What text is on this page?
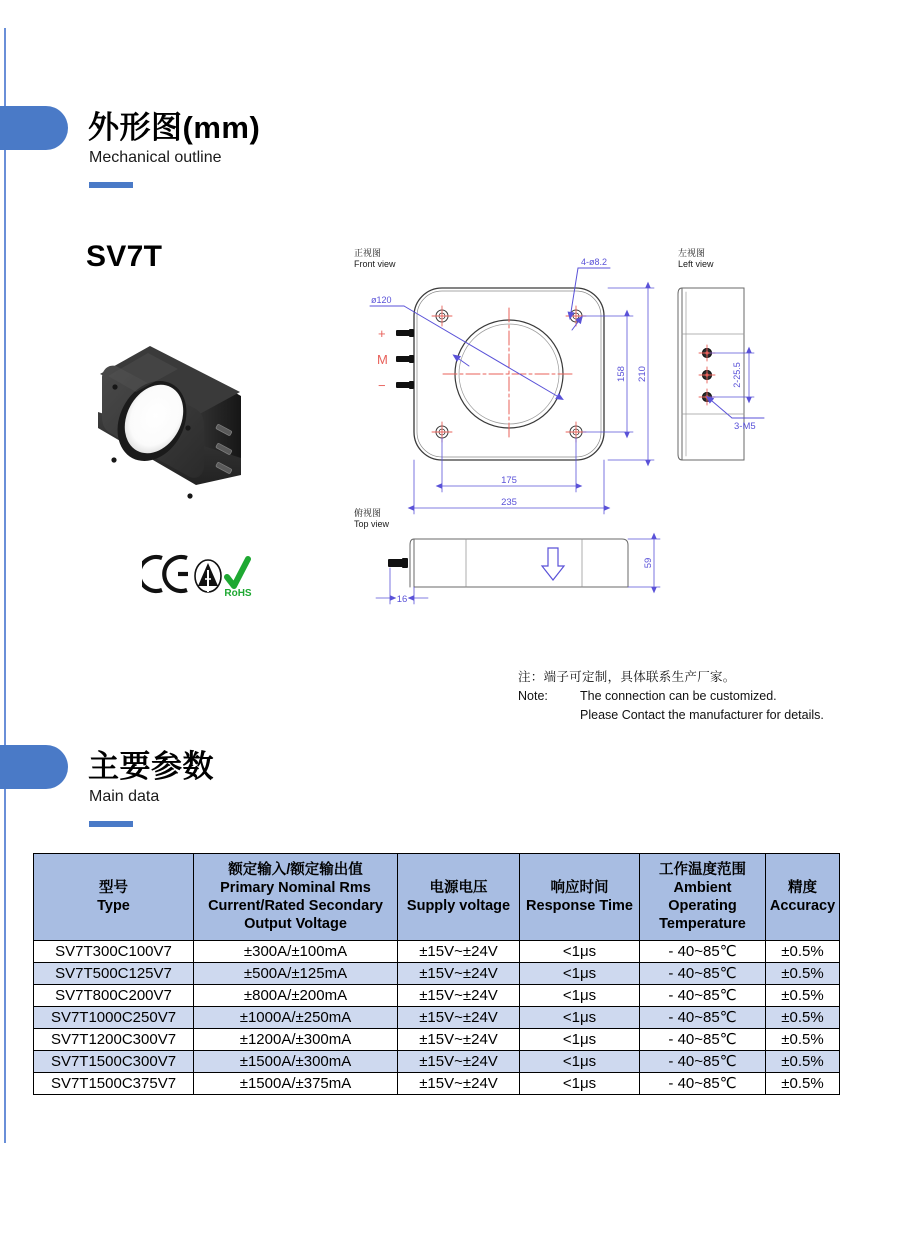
外形图(mm)
Mechanical outline
SV7T
RoHS
+
M
−
ø120
4-ø8.2
158 210
175
235
2-25.5
3-M5
59
16
正视图
Front view
左视图
Left view
俯视图
Top view
注： 端子可定制，具体联系生产厂家。
Note:	The connection can be customized.
Please Contact the manufacturer for details.
主要参数
Main data
型号
Type	额定输入/额定输出值
Primary Nominal Rms Current/Rated Secondary Output Voltage	电源电压
Supply voltage	响应时间
Response Time	工作温度范围
Ambient Operating Temperature	精度
Accuracy

SV7T300C100V7	±300A/±100mA	±15V~±24V	<1μs	- 40~85℃	±0.5%
SV7T500C125V7	±500A/±125mA	±15V~±24V	<1μs	- 40~85℃	±0.5%
SV7T800C200V7	±800A/±200mA	±15V~±24V	<1μs	- 40~85℃	±0.5%
SV7T1000C250V7	±1000A/±250mA	±15V~±24V	<1μs	- 40~85℃	±0.5%
SV7T1200C300V7	±1200A/±300mA	±15V~±24V	<1μs	- 40~85℃	±0.5%
SV7T1500C300V7	±1500A/±300mA	±15V~±24V	<1μs	- 40~85℃	±0.5%
SV7T1500C375V7	±1500A/±375mA	±15V~±24V	<1μs	- 40~85℃	±0.5%
